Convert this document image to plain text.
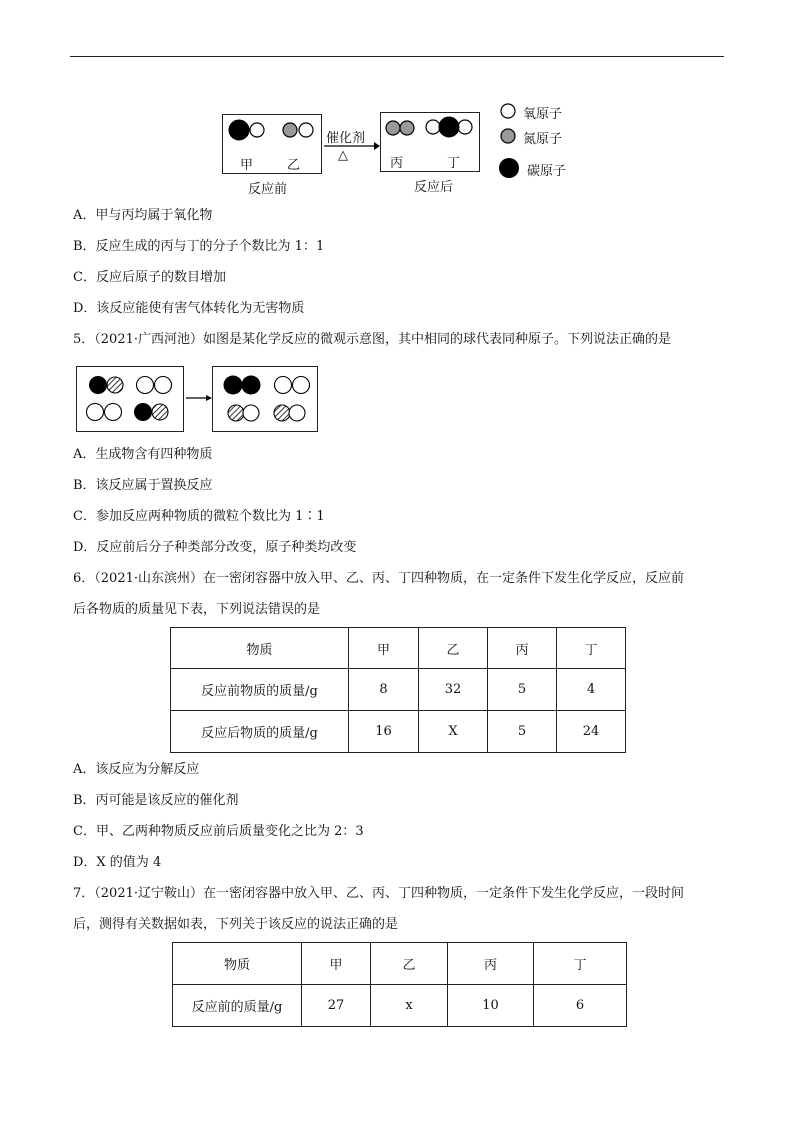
甲	乙
反应前
催化剂
△
丙	丁
反应后
氧原子
氮原子
碳原子
A．甲与丙均属于氧化物
B．反应生成的丙与丁的分子个数比为 1：1
C．反应后原子的数目增加
D．该反应能使有害气体转化为无害物质
5．（2021·广西河池）如图是某化学反应的微观示意图，其中相同的球代表同种原子。下列说法正确的是
A．生成物含有四种物质
B．该反应属于置换反应
C．参加反应两种物质的微粒个数比为 1∶1
D．反应前后分子种类部分改变，原子种类均改变
6．（2021·山东滨州）在一密闭容器中放入甲、乙、丙、丁四种物质，在一定条件下发生化学反应，反应前
后各物质的质量见下表，下列说法错误的是
物质	甲	乙	丙	丁
反应前物质的质量/g	8	32	5	4
反应后物质的质量/g	16	X	5	24
A．该反应为分解反应
B．丙可能是该反应的催化剂
C．甲、乙两种物质反应前后质量变化之比为 2：3
D．X 的值为 4
7．（2021·辽宁鞍山）在一密闭容器中放入甲、乙、丙、丁四种物质，一定条件下发生化学反应，一段时间
后，测得有关数据如表，下列关于该反应的说法正确的是
物质	甲	乙	丙	丁
反应前的质量/g	27	x	10	6
